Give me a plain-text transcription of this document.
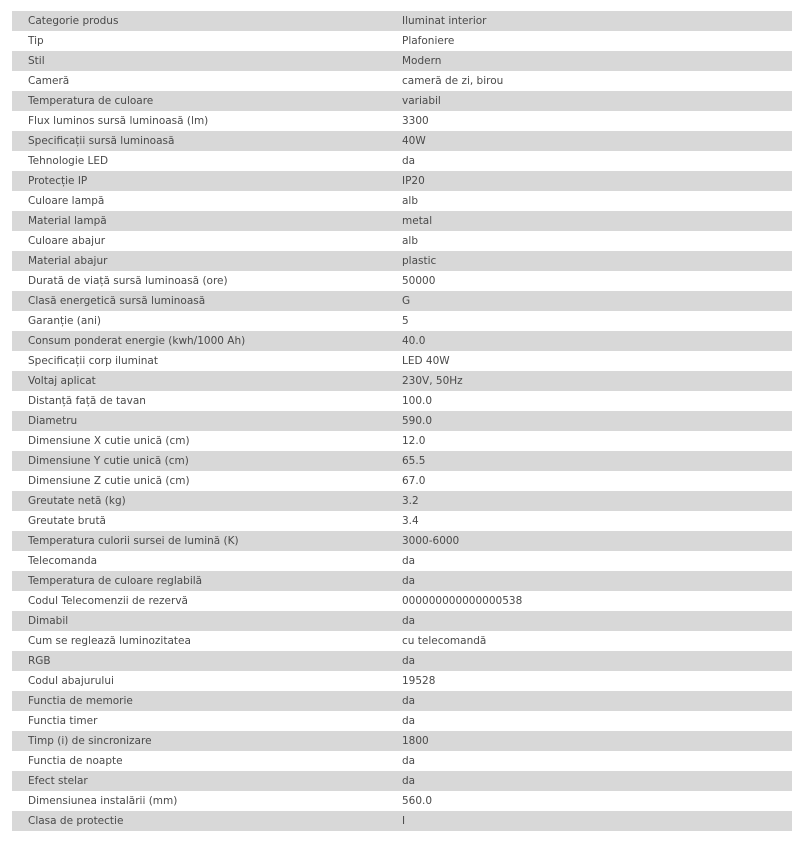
Categorie produs	Iluminat interior
Tip	Plafoniere
Stil	Modern
Cameră	cameră de zi, birou
Temperatura de culoare	variabil
Flux luminos sursă luminoasă (lm)	3300
Specificații sursă luminoasă	40W
Tehnologie LED	da
Protecție IP	IP20
Culoare lampă	alb
Material lampă	metal
Culoare abajur	alb
Material abajur	plastic
Durată de viață sursă luminoasă (ore)	50000
Clasă energetică sursă luminoasă	G
Garanție (ani)	5
Consum ponderat energie (kwh/1000 Ah)	40.0
Specificații corp iluminat	LED 40W
Voltaj aplicat	230V, 50Hz
Distanță față de tavan	100.0
Diametru	590.0
Dimensiune X cutie unică (cm)	12.0
Dimensiune Y cutie unică (cm)	65.5
Dimensiune Z cutie unică (cm)	67.0
Greutate netă (kg)	3.2
Greutate brută	3.4
Temperatura culorii sursei de lumină (K)	3000-6000
Telecomanda	da
Temperatura de culoare reglabilă	da
Codul Telecomenzii de rezervă	000000000000000538
Dimabil	da
Cum se reglează luminozitatea	cu telecomandă
RGB	da
Codul abajurului	19528
Functia de memorie	da
Functia timer	da
Timp (i) de sincronizare	1800
Functia de noapte	da
Efect stelar	da
Dimensiunea instalării (mm)	560.0
Clasa de protectie	I
